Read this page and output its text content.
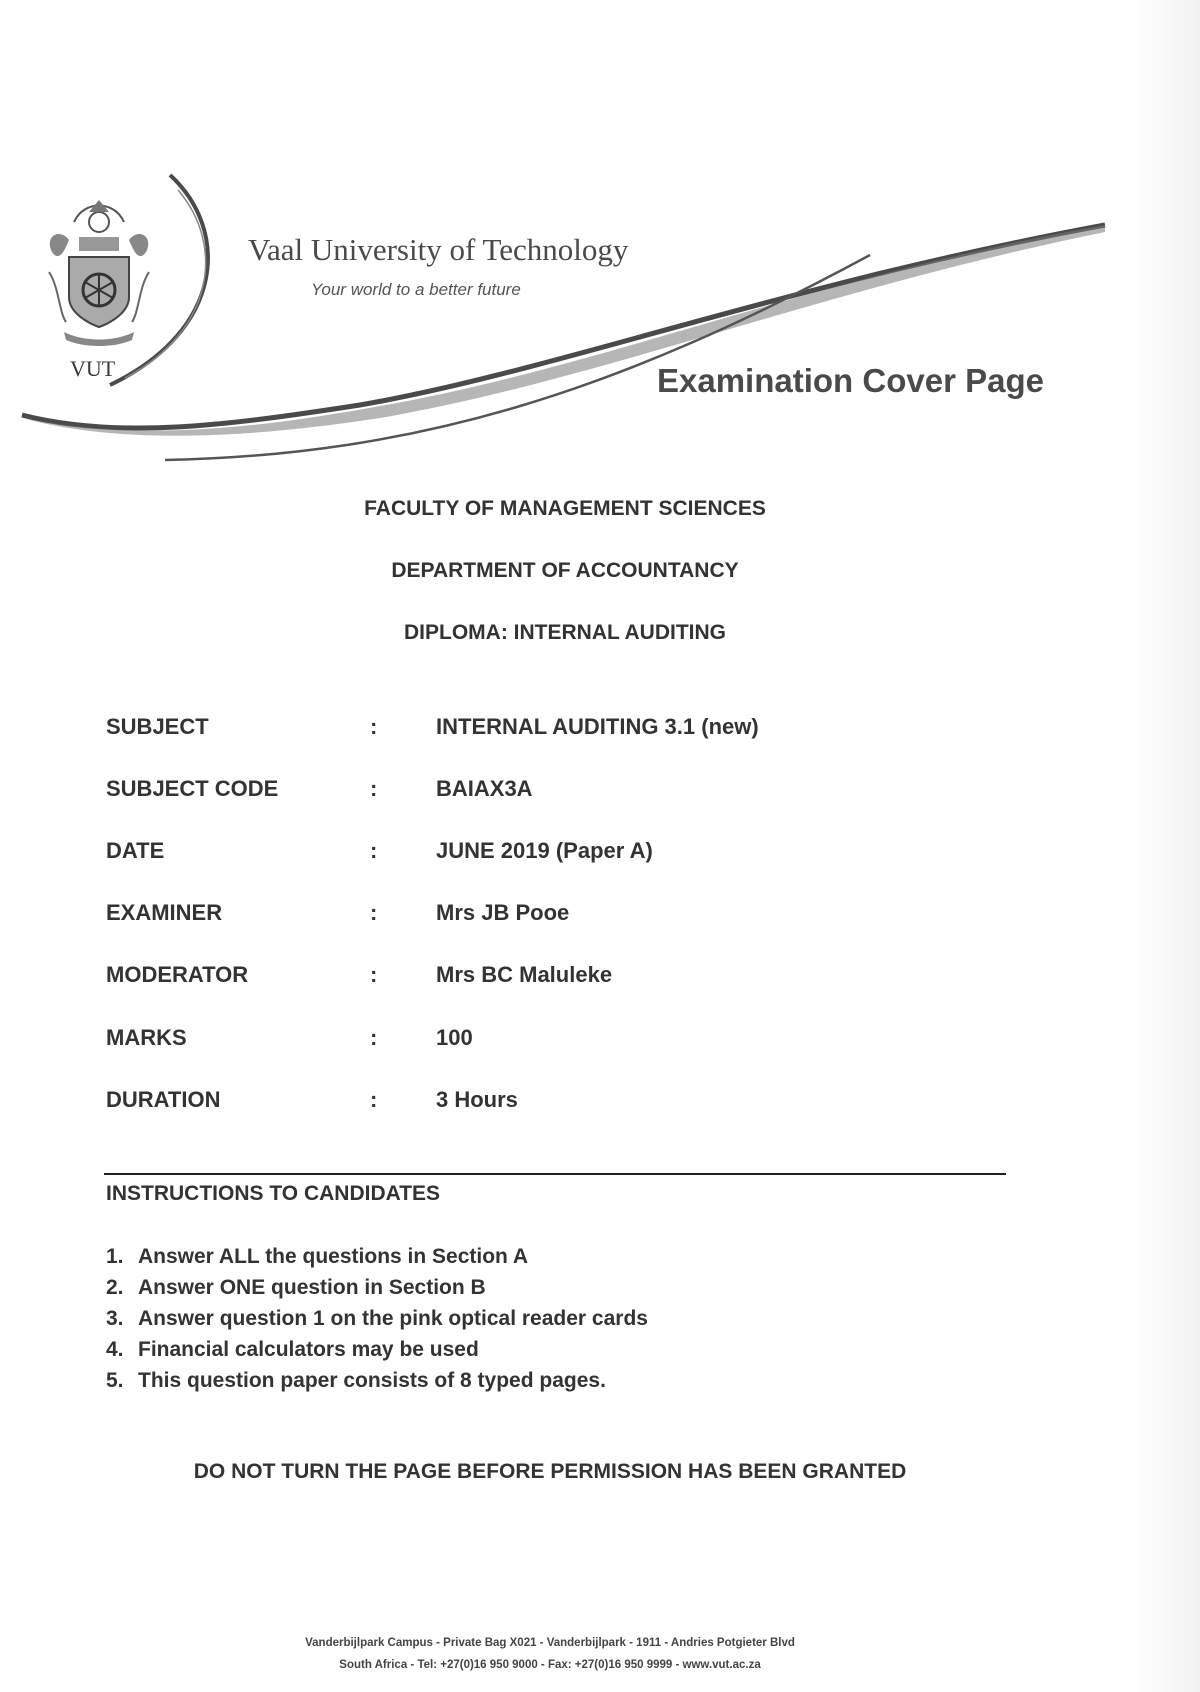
VUT
Vaal University of Technology
Your world to a better future
Examination Cover Page
FACULTY OF MANAGEMENT SCIENCES
DEPARTMENT OF ACCOUNTANCY
DIPLOMA: INTERNAL AUDITING
SUBJECT	:	INTERNAL AUDITING 3.1 (new)
SUBJECT CODE	:	BAIAX3A
DATE	:	JUNE 2019 (Paper A)
EXAMINER	:	Mrs JB Pooe
MODERATOR	:	Mrs BC Maluleke
MARKS	:	100
DURATION	:	3 Hours
INSTRUCTIONS TO CANDIDATES
1. Answer ALL the questions in Section A
2. Answer ONE question in Section B
3. Answer question 1 on the pink optical reader cards
4. Financial calculators may be used
5. This question paper consists of 8 typed pages.
DO NOT TURN THE PAGE BEFORE PERMISSION HAS BEEN GRANTED
Vanderbijlpark Campus - Private Bag X021 - Vanderbijlpark - 1911 - Andries Potgieter Blvd
South Africa - Tel: +27(0)16 950 9000 - Fax: +27(0)16 950 9999 - www.vut.ac.za
